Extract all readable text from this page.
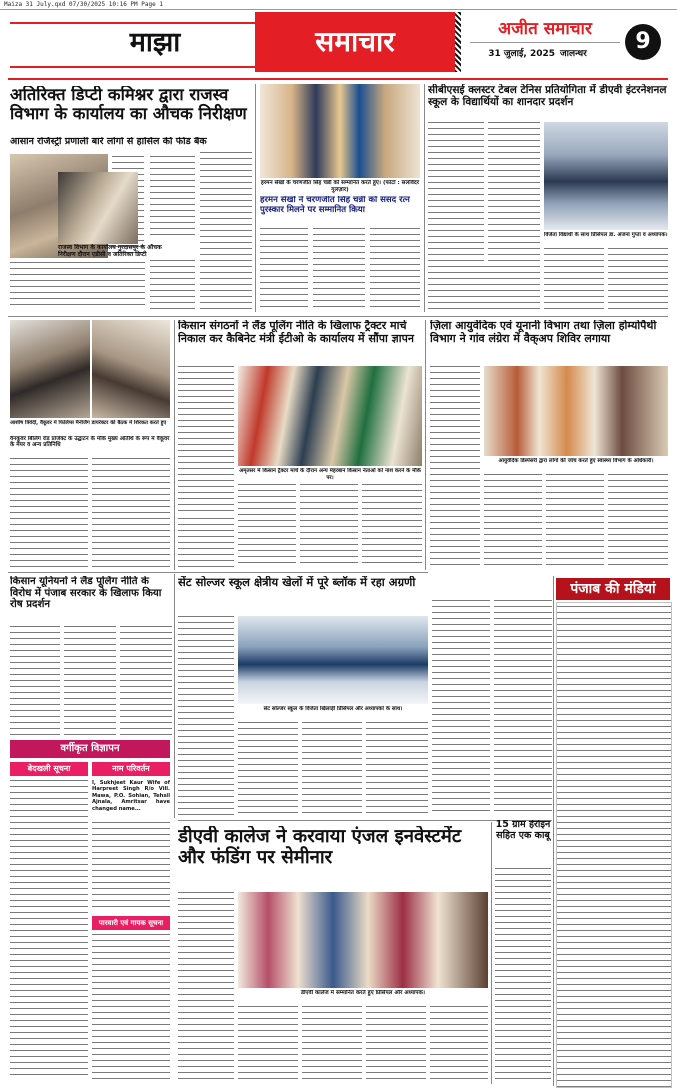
Maiza 31 July.qxd 07/30/2025 10:16 PM Page 1
माझा	समाचार	अजीत समाचार
31 जुलाई, 2025 जालन्धर	9
अतिरिक्त डिप्टी कमिश्नर द्वारा राजस्व विभाग के कार्यालय का औचक निरीक्षण
आसान रजिस्ट्री प्रणाली बारे लोगों से हासिल की फीड बैक
राजस्व विभाग के कार्यालय गुरदासपुर के औचक निरीक्षण दौरान एडीसी व अतिरिक्त डिप्टी
हरमन सेखों के चरणजीत सिंह चन्नी को सम्मानित करते हुए। (फोटो : सलविंदर गुलज़ार)
हरमन सेखों ने चरणजीत सिंह चन्नी को संसद रत्न पुरस्कार मिलने पर सम्मानित किया
सीबीएसई क्लस्टर टेबल टेनिस प्रतियोगिता में डीएवी इंटरनेशनल स्कूल के विद्यार्थियों का शानदार प्रदर्शन
विजेता विद्यार्थी के साथ प्रिंसिपल डा. अंजना गुप्ता व अध्यापक।
आशीष त्रिवेदी, वैंकूवर में फिलिप्स मैनेजिंग डायरेक्टर की बैठक में शिरकत करते हुए
वैनकूवर बिलिंग रोड प्रोजेक्ट के उद्घाटन के मौके मुख्य अतिथि के रूप में वैंकूवर के मेयर व अन्य प्रतिनिधि
किसान संगठनों ने लैंड पूलिंग नीति के खिलाफ ट्रैक्टर मार्च निकाल कर कैबिनेट मंत्री ईटीओ के कार्यालय में सौंपा ज्ञापन
अमृतसर में किसान ट्रैक्टर मार्च के दौरान अन्य मेहरबान किसान नेताओं को नाश करने के मौके पर।
ज़िला आयुर्वेदिक एवं यूनानी विभाग तथा ज़िला होम्योपैथी विभाग ने गांव लंग्रेरा में वैक्अप शिविर लगाया
आयुर्वेदिक डिस्पेंसरी द्वारा लोगों की जांच करते हुए स्वास्थ्य विभाग के अधिकारी।
सेंट सोल्जर स्कूल क्षेत्रीय खेलों में पूरे ब्लॉक में रहा अग्रणी
सेंट सोल्जर स्कूल के विजेता खिलाड़ी प्रिंसिपल और अध्यापकों के साथ।
किसान यूनियनों ने लैंड पूलिंग नीति के विरोध में पंजाब सरकार के खिलाफ किया रोष प्रदर्शन
पंजाब की मंडियां
वर्गीकृत विज्ञापन
बेदखली सूचना	नाम परिवर्तन
I, Sukhjeet Kaur Wife of Harpreet Singh R/o Vill. Mawa, P.O. Sohian, Tehsil Ajnala, Amritsar have changed name...
पारवारी एवं गायक सूचना
डीएवी कालेज ने करवाया एंजल इनवेस्टमेंट और फंडिंग पर सेमीनार
डीएवी कालेज में सम्मानित करते हुए प्रिंसिपल और अध्यापक।
15 ग्राम हेरोइन सहित एक काबू
